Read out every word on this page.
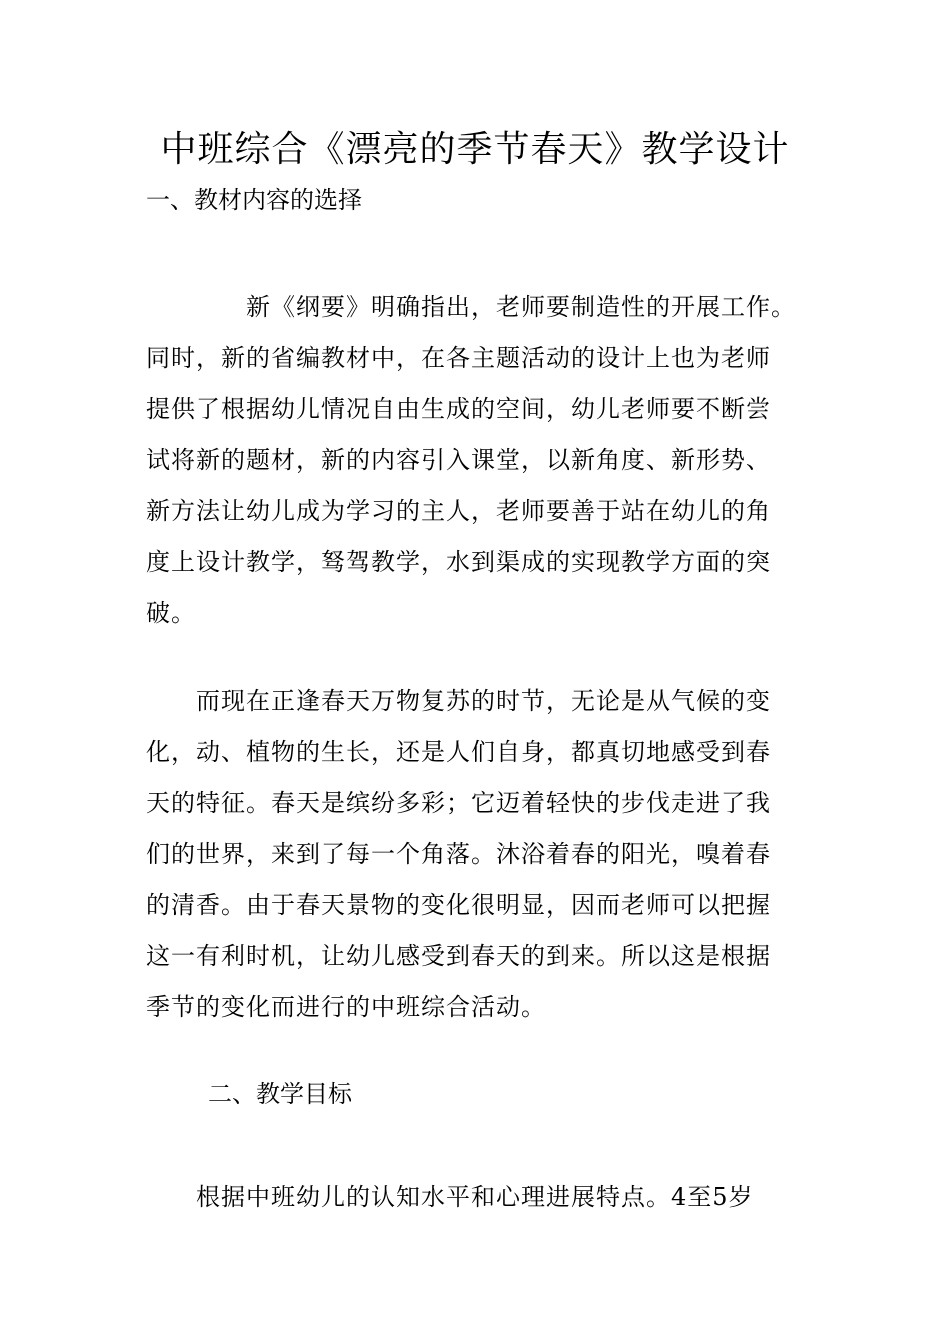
中班综合《漂亮的季节春天》教学设计
一、教材内容的选择
　　　　新《纲要》明确指出，老师要制造性的开展工作。
同时，新的省编教材中，在各主题活动的设计上也为老师
提供了根据幼儿情况自由生成的空间，幼儿老师要不断尝
试将新的题材，新的内容引入课堂，以新角度、新形势、
新方法让幼儿成为学习的主人，老师要善于站在幼儿的角
度上设计教学，驽驾教学，水到渠成的实现教学方面的突
破。
　　而现在正逢春天万物复苏的时节，无论是从气候的变
化，动、植物的生长，还是人们自身，都真切地感受到春
天的特征。春天是缤纷多彩；它迈着轻快的步伐走进了我
们的世界，来到了每一个角落。沐浴着春的阳光，嗅着春
的清香。由于春天景物的变化很明显，因而老师可以把握
这一有利时机，让幼儿感受到春天的到来。所以这是根据
季节的变化而进行的中班综合活动。
二、教学目标
　　根据中班幼儿的认知水平和心理进展特点。4至5岁
